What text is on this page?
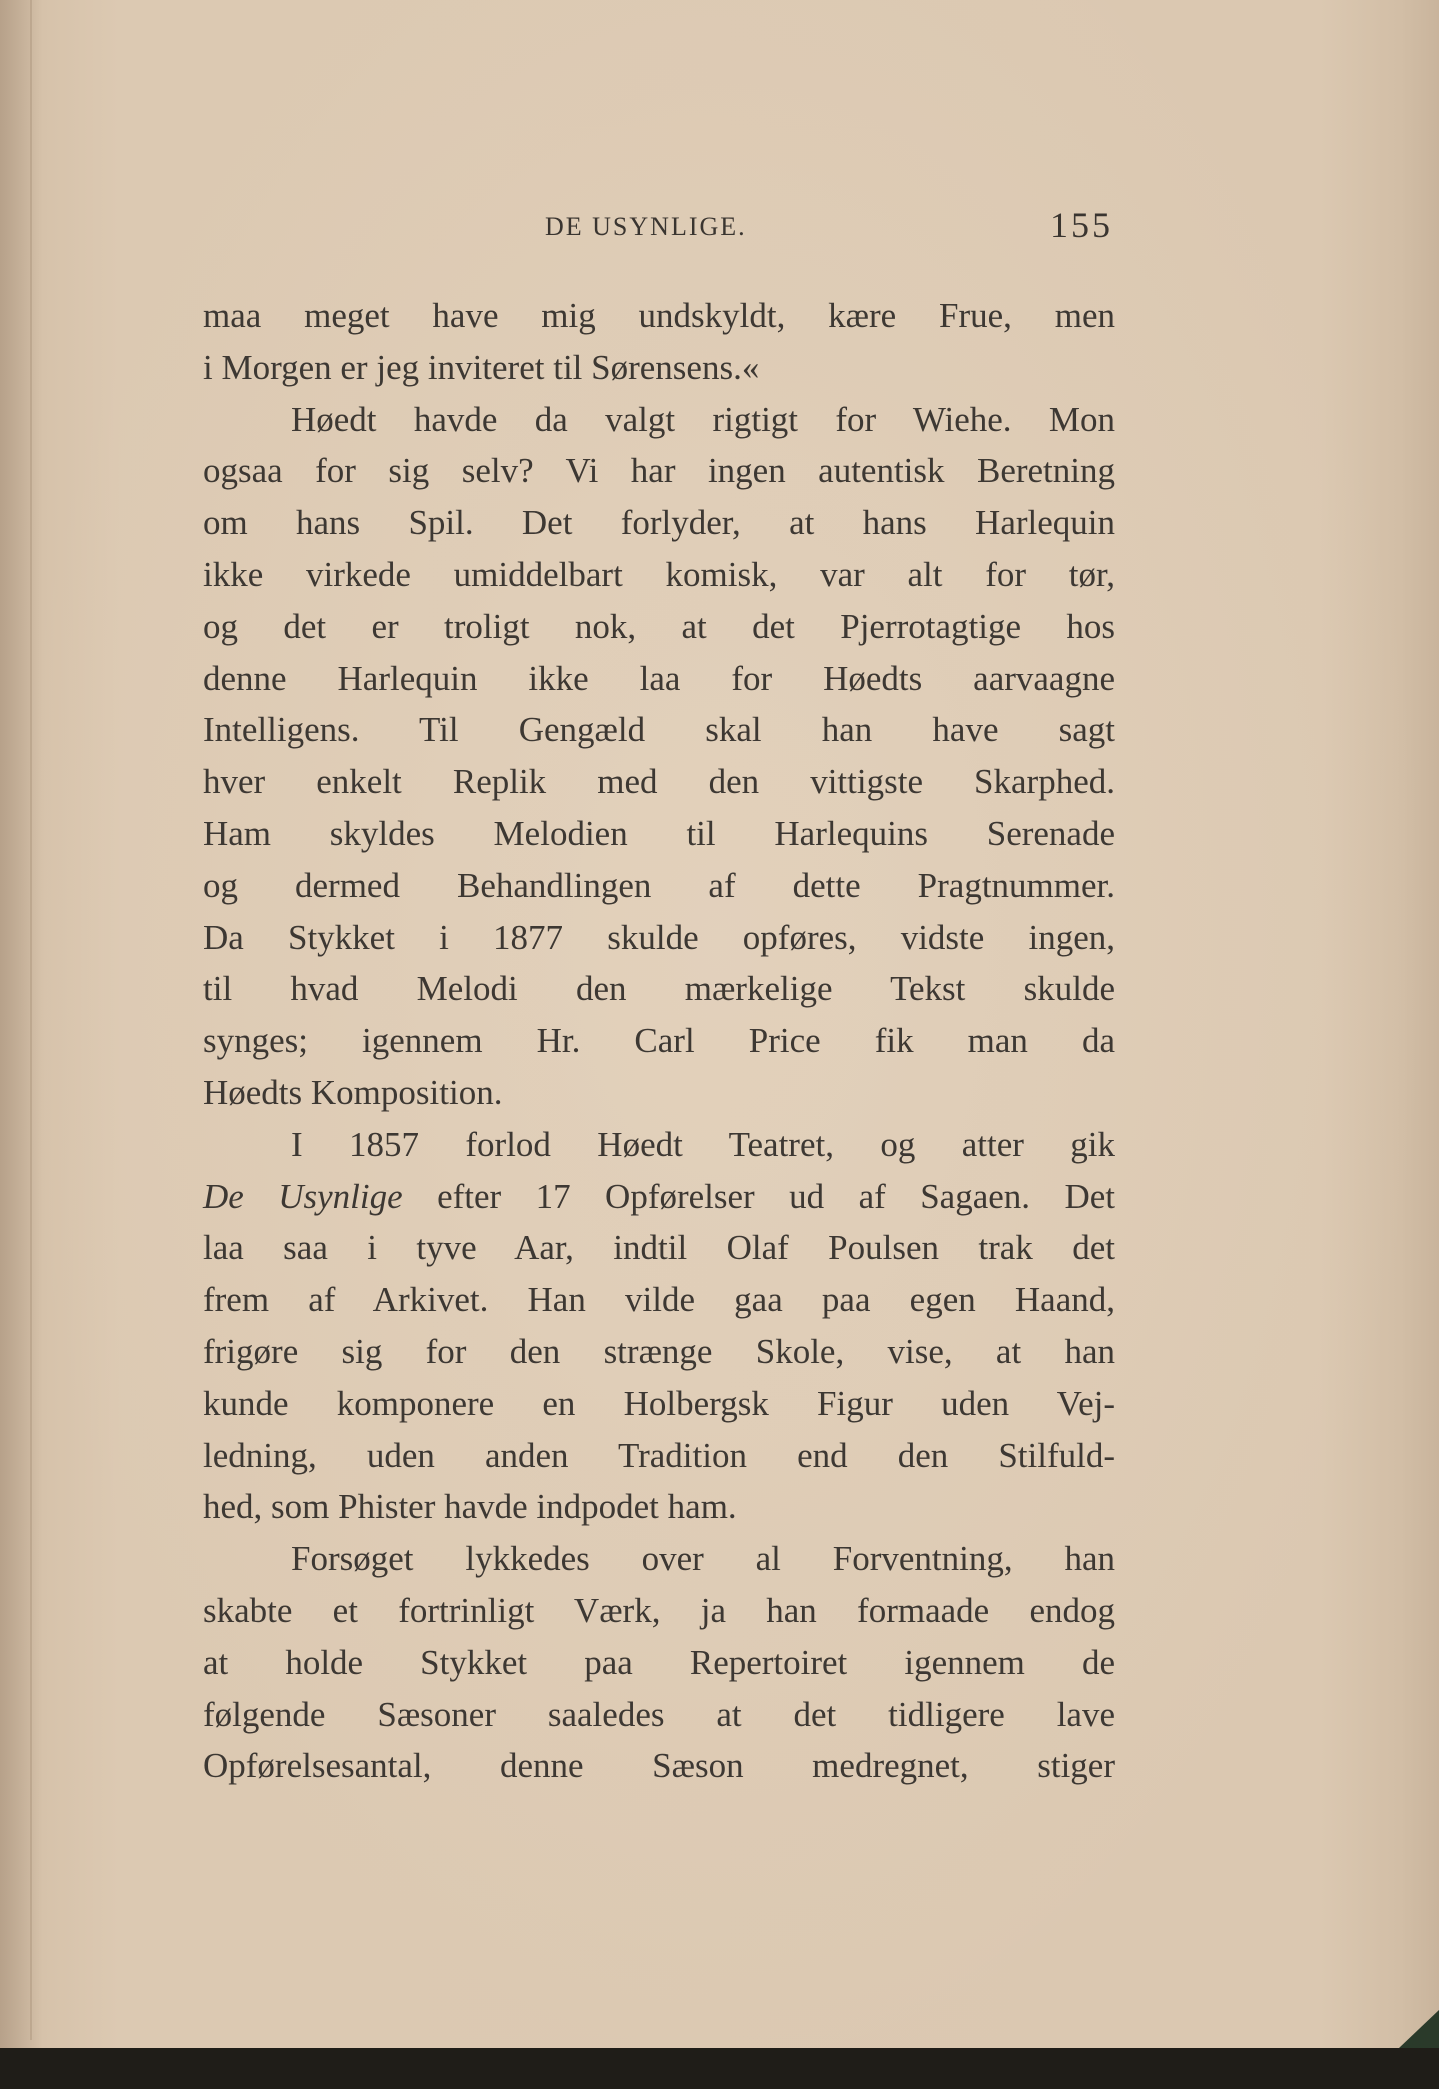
DE USYNLIGE.	155
maa meget have mig undskyldt, kære Frue, men
i Morgen er jeg inviteret til Sørensens.«
Høedt havde da valgt rigtigt for Wiehe. Mon
ogsaa for sig selv? Vi har ingen autentisk Beretning
om hans Spil. Det forlyder, at hans Harlequin
ikke virkede umiddelbart komisk, var alt for tør,
og det er troligt nok, at det Pjerrotagtige hos
denne Harlequin ikke laa for Høedts aarvaagne
Intelligens. Til Gengæld skal han have sagt
hver enkelt Replik med den vittigste Skarphed.
Ham skyldes Melodien til Harlequins Serenade
og dermed Behandlingen af dette Pragtnummer.
Da Stykket i 1877 skulde opføres, vidste ingen,
til hvad Melodi den mærkelige Tekst skulde
synges; igennem Hr. Carl Price fik man da
Høedts Komposition.
I 1857 forlod Høedt Teatret, og atter gik
De Usynlige efter 17 Opførelser ud af Sagaen. Det
laa saa i tyve Aar, indtil Olaf Poulsen trak det
frem af Arkivet. Han vilde gaa paa egen Haand,
frigøre sig for den strænge Skole, vise, at han
kunde komponere en Holbergsk Figur uden Vej-
ledning, uden anden Tradition end den Stilfuld-
hed, som Phister havde indpodet ham.
Forsøget lykkedes over al Forventning, han
skabte et fortrinligt Værk, ja han formaade endog
at holde Stykket paa Repertoiret igennem de
følgende Sæsoner saaledes at det tidligere lave
Opførelsesantal, denne Sæson medregnet, stiger
